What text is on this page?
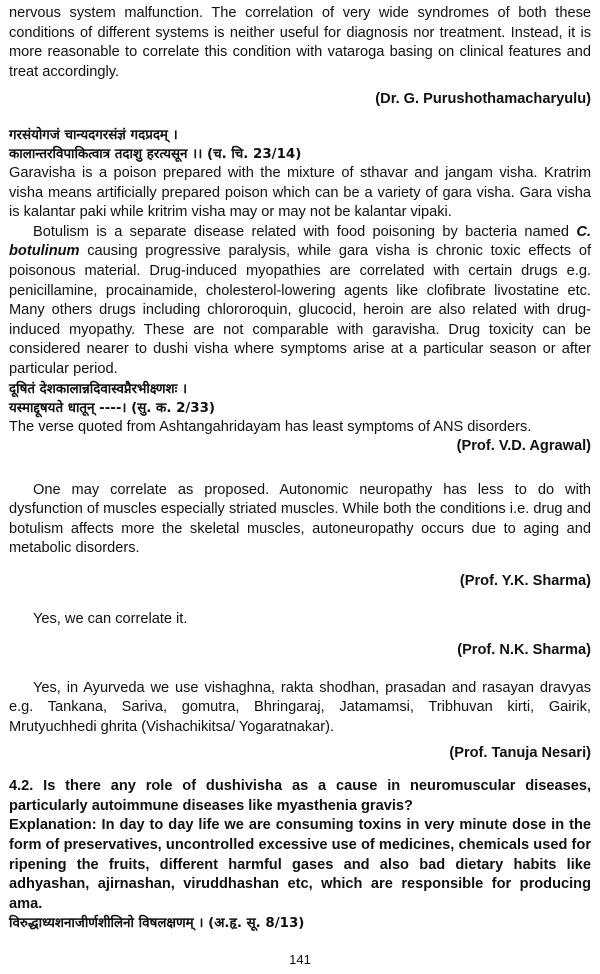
nervous system malfunction. The correlation of very wide syndromes of both these conditions of different systems is neither useful for diagnosis nor treatment. Instead, it is more reasonable to correlate this condition with vataroga basing on clinical features and treat accordingly.

(Dr. G. Purushothamacharyulu)

गरसंयोगजं चान्यदगरसंज्ञं गदप्रदम् ।
कालान्तरविपाकित्वात्र तदाशु हरत्यसून ।। (च. चि. 23/14)

Garavisha is a poison prepared with the mixture of sthavar and jangam visha. Kratrim visha means artificially prepared poison which can be a variety of gara visha. Gara visha is kalantar paki while kritrim visha may or may not be kalantar vipaki.

Botulism is a separate disease related with food poisoning by bacteria named C. botulinum causing progressive paralysis, while gara visha is chronic toxic effects of poisonous material. Drug-induced myopathies are correlated with certain drugs e.g. penicillamine, procainamide, cholesterol-lowering agents like clofibrate livostatine etc. Many others drugs including chlororoquin, glucocid, heroin are also related with drug-induced myopathy. These are not comparable with garavisha. Drug toxicity can be considered nearer to dushi visha where symptoms arise at a particular season or after particular period.

दूषितं देशकालान्नदिवास्वप्नैरभीक्ष्णशः ।
यस्माद्दूषयते धातून् ----। (सु. क. 2/33)

The verse quoted from Ashtangahridayam has least symptoms of ANS disorders.

(Prof. V.D. Agrawal)

One may correlate as proposed. Autonomic neuropathy has less to do with dysfunction of muscles especially striated muscles. While both the conditions i.e. drug and botulism affects more the skeletal muscles, autoneuropathy occurs due to aging and metabolic disorders.

(Prof. Y.K. Sharma)

Yes, we can correlate it.

(Prof. N.K. Sharma)

Yes, in Ayurveda we use vishaghna, rakta shodhan, prasadan and rasayan dravyas e.g. Tankana, Sariva, gomutra, Bhringaraj, Jatamamsi, Tribhuvan kirti, Gairik, Mrutyuchhedi ghrita (Vishachikitsa/ Yogaratnakar).

(Prof. Tanuja Nesari)

4.2. Is there any role of dushivisha as a cause in neuromuscular diseases, particularly autoimmune diseases like myasthenia gravis?

Explanation: In day to day life we are consuming toxins in very minute dose in the form of preservatives, uncontrolled excessive use of medicines, chemicals used for ripening the fruits, different harmful gases and also bad dietary habits like adhyashan, ajirnashan, viruddhashan etc, which are responsible for producing ama.

विरुद्धाध्यशनाजीर्णशीलिनो विषलक्षणम् । (अ.हृ. सू. 8/13)
141
